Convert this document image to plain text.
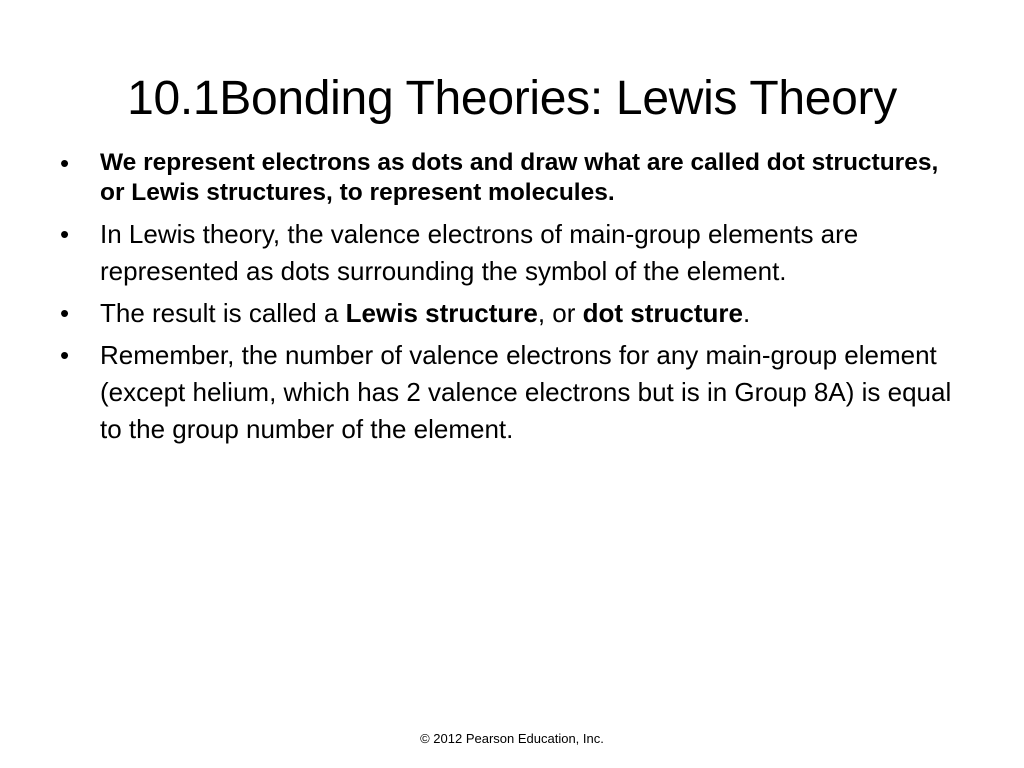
10.1Bonding Theories: Lewis Theory
• We represent electrons as dots and draw what are called dot structures, or Lewis structures, to represent molecules.
• In Lewis theory, the valence electrons of main-group elements are represented as dots surrounding the symbol of the element.
• The result is called a Lewis structure, or dot structure.
• Remember, the number of valence electrons for any main-group element (except helium, which has 2 valence electrons but is in Group 8A) is equal to the group number of the element.
© 2012 Pearson Education, Inc.
